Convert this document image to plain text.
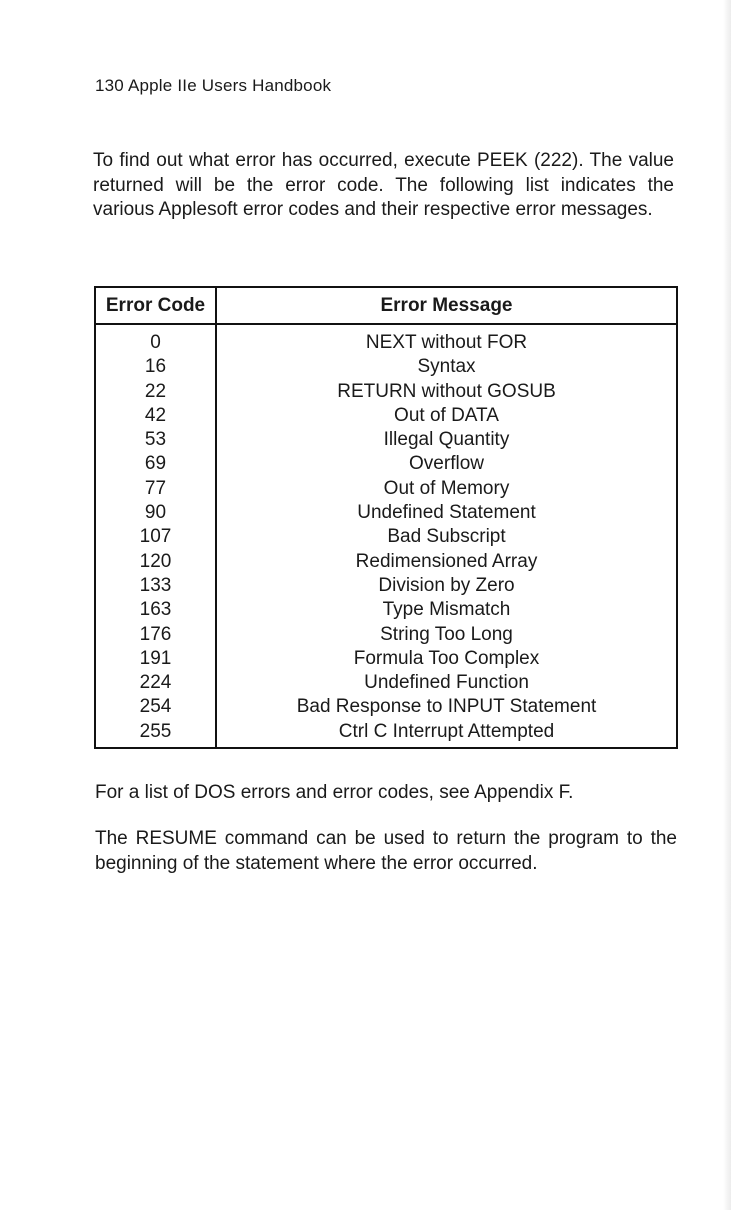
130 Apple IIe Users Handbook

To find out what error has occurred, execute PEEK (222). The value returned will be the error code. The following list indicates the various Applesoft error codes and their respective error messages.

Error Code	Error Message
0	NEXT without FOR
16	Syntax
22	RETURN without GOSUB
42	Out of DATA
53	Illegal Quantity
69	Overflow
77	Out of Memory
90	Undefined Statement
107	Bad Subscript
120	Redimensioned Array
133	Division by Zero
163	Type Mismatch
176	String Too Long
191	Formula Too Complex
224	Undefined Function
254	Bad Response to INPUT Statement
255	Ctrl C Interrupt Attempted

For a list of DOS errors and error codes, see Appendix F.

The RESUME command can be used to return the program to the beginning of the statement where the error occurred.
